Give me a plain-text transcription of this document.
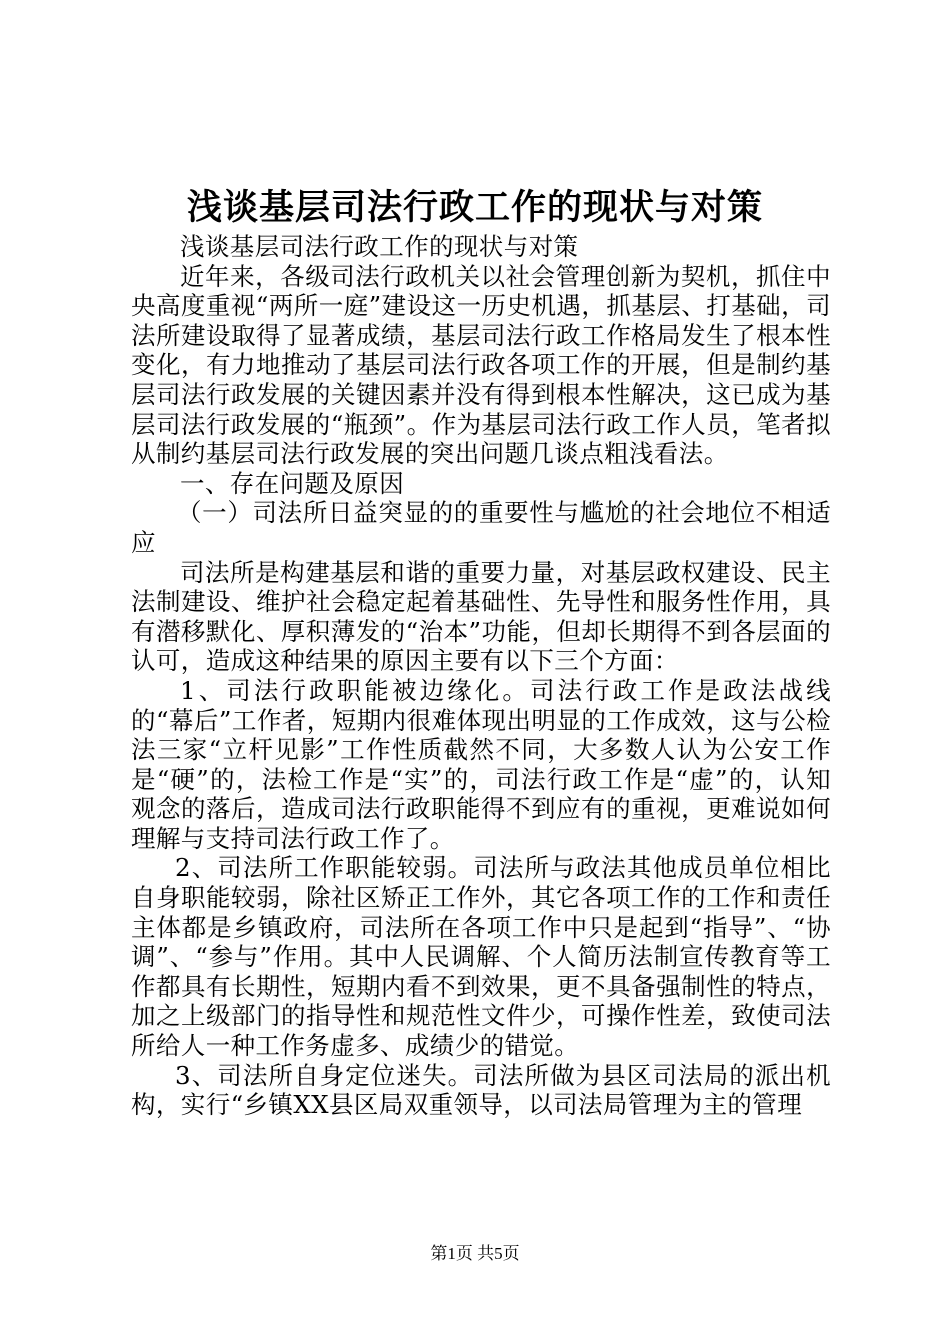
浅谈基层司法行政工作的现状与对策

浅谈基层司法行政工作的现状与对策

近年来，各级司法行政机关以社会管理创新为契机，抓住中央高度重视“两所一庭”建设这一历史机遇，抓基层、打基础，司法所建设取得了显著成绩，基层司法行政工作格局发生了根本性变化，有力地推动了基层司法行政各项工作的开展，但是制约基层司法行政发展的关键因素并没有得到根本性解决，这已成为基层司法行政发展的“瓶颈”。作为基层司法行政工作人员，笔者拟从制约基层司法行政发展的突出问题几谈点粗浅看法。

一、存在问题及原因

（一）司法所日益突显的的重要性与尴尬的社会地位不相适应

司法所是构建基层和谐的重要力量，对基层政权建设、民主法制建设、维护社会稳定起着基础性、先导性和服务性作用，具有潜移默化、厚积薄发的“治本”功能，但却长期得不到各层面的认可，造成这种结果的原因主要有以下三个方面：

1、司法行政职能被边缘化。司法行政工作是政法战线的“幕后”工作者，短期内很难体现出明显的工作成效，这与公检法三家“立杆见影”工作性质截然不同，大多数人认为公安工作是“硬”的，法检工作是“实”的，司法行政工作是“虚”的，认知观念的落后，造成司法行政职能得不到应有的重视，更难说如何理解与支持司法行政工作了。

2、司法所工作职能较弱。司法所与政法其他成员单位相比自身职能较弱，除社区矫正工作外，其它各项工作的工作和责任主体都是乡镇政府，司法所在各项工作中只是起到“指导”、“协调”、“参与”作用。其中人民调解、个人简历法制宣传教育等工作都具有长期性，短期内看不到效果，更不具备强制性的特点，加之上级部门的指导性和规范性文件少，可操作性差，致使司法所给人一种工作务虚多、成绩少的错觉。

3、司法所自身定位迷失。司法所做为县区司法局的派出机构，实行“乡镇XX县区局双重领导，以司法局管理为主的管理

第1页 共5页
